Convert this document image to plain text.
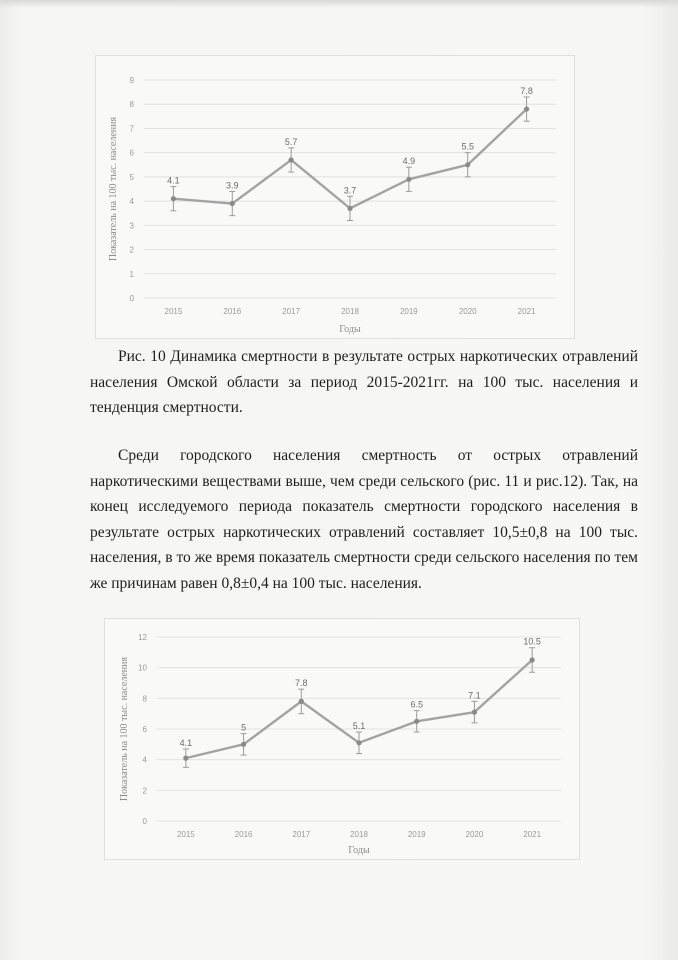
0
1
2
3
4
5
6
7
8
9
2015	2016	2017	2018	2019	2020	2021
Годы
Показатель на 100 тыс. населения	4.1	3.9
5.7
3.7
4.9
5.5
7.8
Рис. 10 Динамика смертности в результате острых наркотических отравлений населения Омской области за период 2015-2021гг. на 100 тыс. населения и тенденция смертности.
Среди городского населения смертность от острых отравлений наркотическими веществами выше, чем среди сельского (рис. 11 и рис.12). Так, на конец исследуемого периода показатель смертности городского населения в результате острых наркотических отравлений составляет 10,5±0,8 на 100 тыс. населения, в то же время показатель смертности среди сельского населения по тем же причинам равен 0,8±0,4 на 100 тыс. населения.
0
2
4
6
8
10
12
2015	2016	2017	2018	2019	2020	2021
Годы
Показатель на 100 тыс. населения	4.1
5
7.8
5.1
6.5
7.1
10.5
